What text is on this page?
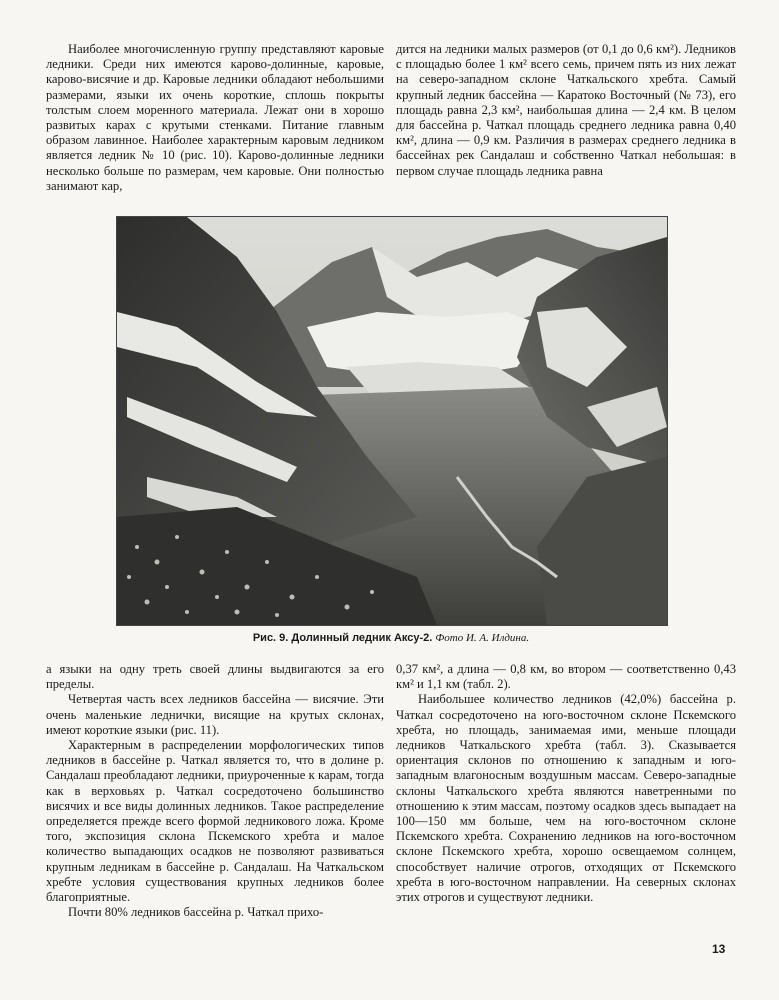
Наиболее многочисленную группу представляют каровые ледники. Среди них имеются карово-долинные, каровые, карово-висячие и др. Каровые ледники обладают небольшими размерами, языки их очень короткие, сплошь покрыты толстым слоем моренного материала. Лежат они в хорошо развитых карах с крутыми стенками. Питание главным образом лавинное. Наиболее характерным каровым ледником является ледник № 10 (рис. 10). Карово-долинные ледники несколько больше по размерам, чем каровые. Они полностью занимают кар,

дится на ледники малых размеров (от 0,1 до 0,6 км²). Ледников с площадью более 1 км² всего семь, причем пять из них лежат на северо-западном склоне Чаткальского хребта. Самый крупный ледник бассейна — Каратоко Восточный (№ 73), его площадь равна 2,3 км², наибольшая длина — 2,4 км. В целом для бассейна р. Чаткал площадь среднего ледника равна 0,40 км², длина — 0,9 км. Различия в размерах среднего ледника в бассейнах рек Сандалаш и собственно Чаткал небольшая: в первом случае площадь ледника равна

Рис. 9. Долинный ледник Аксу-2. Фото И. А. Илдина.

а языки на одну треть своей длины выдвигаются за его пределы.

Четвертая часть всех ледников бассейна — висячие. Эти очень маленькие леднички, висящие на крутых склонах, имеют короткие языки (рис. 11).

Характерным в распределении морфологических типов ледников в бассейне р. Чаткал является то, что в долине р. Сандалаш преобладают ледники, приуроченные к карам, тогда как в верховьях р. Чаткал сосредоточено большинство висячих и все виды долинных ледников. Такое распределение определяется прежде всего формой ледникового ложа. Кроме того, экспозиция склона Пскемского хребта и малое количество выпадающих осадков не позволяют развиваться крупным ледникам в бассейне р. Сандалаш. На Чаткальском хребте условия существования крупных ледников более благоприятные.

Почти 80% ледников бассейна р. Чаткал прихо-

0,37 км², а длина — 0,8 км, во втором — соответственно 0,43 км² и 1,1 км (табл. 2).

Наибольшее количество ледников (42,0%) бассейна р. Чаткал сосредоточено на юго-восточном склоне Пскемского хребта, но площадь, занимаемая ими, меньше площади ледников Чаткальского хребта (табл. 3). Сказывается ориентация склонов по отношению к западным и юго-западным влагоносным воздушным массам. Северо-западные склоны Чаткальского хребта являются наветренными по отношению к этим массам, поэтому осадков здесь выпадает на 100—150 мм больше, чем на юго-восточном склоне Пскемского хребта. Сохранению ледников на юго-восточном склоне Пскемского хребта, хорошо освещаемом солнцем, способствует наличие отрогов, отходящих от Пскемского хребта в юго-восточном направлении. На северных склонах этих отрогов и существуют ледники.

13
